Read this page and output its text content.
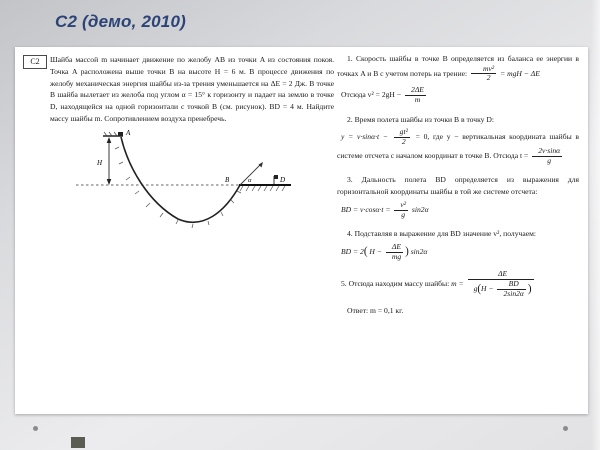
С2 (демо, 2010)
С2	Шайба массой m начинает движение по желобу AB из точки A из состояния покоя. Точка A расположена выше точки B на высоте H = 6 м. В процессе движения по желобу механическая энергия шайбы из-за трения уменьшается на ΔE = 2 Дж. В точке B шайба вылетает из желоба под углом α = 15° к горизонту и падает на землю в точке D, находящейся на одной горизонтали с точкой B (см. рисунок). BD = 4 м. Найдите массу шайбы m. Сопротивлением воздуха пренебречь.
A
H
B	α	D

1. Скорость шайбы в точке B определяется из баланса ее энергии в точках A и B с учетом потерь на трение: $\frac{\text{mv²}}{2}$ = mgH − ΔE

Отсюда $v^2 = 2gH - \frac{2\Delta E}{m}$

2. Время полета шайбы из точки B в точку D:

$y = v\cdot\sin\alpha\cdot t - \frac{\text{gt²}}{2} = 0$, где y − вертикальная координата шайбы в системе отсчета с началом координат в точке B. Отсюда $t = \frac{2v\cdot\sin\alpha}{g}$

3. Дальность полета BD определяется из выражения для горизонтальной координаты шайбы в той же системе отсчета:

BD = $v\cdot\cos\alpha\cdot t = \frac{\text{v²}}{g} \sin 2\alpha$

4. Подставляя в выражение для BD значение v², получаем:

BD = 2( $H - \frac{\Delta E}{mg}$ ) sin2α

5. Отсюда находим массу шайбы: $m = \frac{\Delta E}{g(H - \frac{BD}{2\sin 2\alpha} )}$

Ответ: m = 0,1 кг.
